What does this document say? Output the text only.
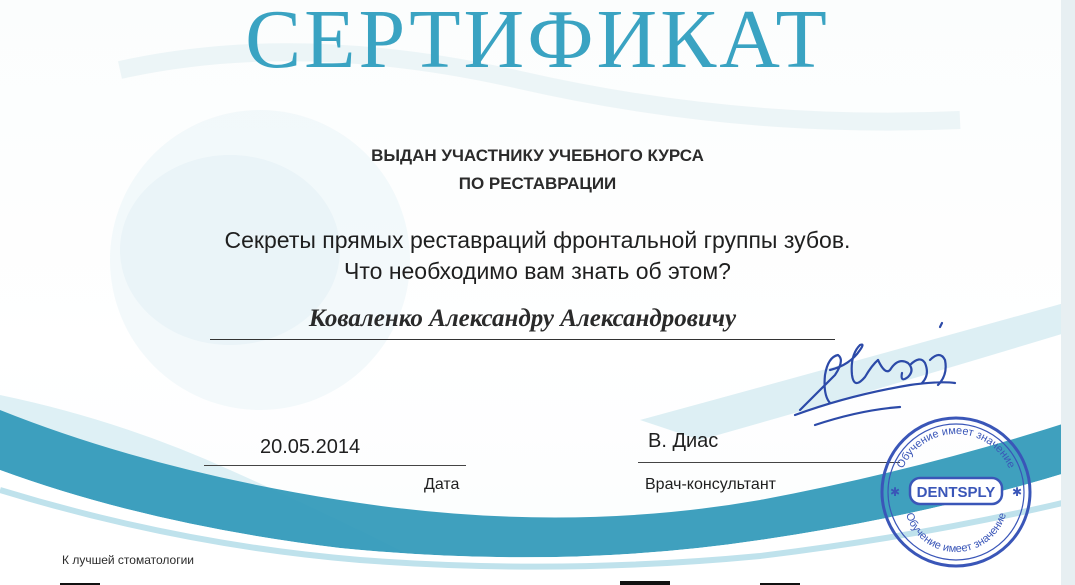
СЕРТИФИКАТ
ВЫДАН УЧАСТНИКУ УЧЕБНОГО КУРСА
ПО РЕСТАВРАЦИИ
Секреты прямых реставраций фронтальной группы зубов.
Что необходимо вам знать об этом?
Коваленко Александру Александровичу
20.05.2014
Дата
В. Диас
Врач-консультант	DENTSPLY
Обучение имеет значение
Обучение имеет значение
✱	✱
К лучшей стоматологии
